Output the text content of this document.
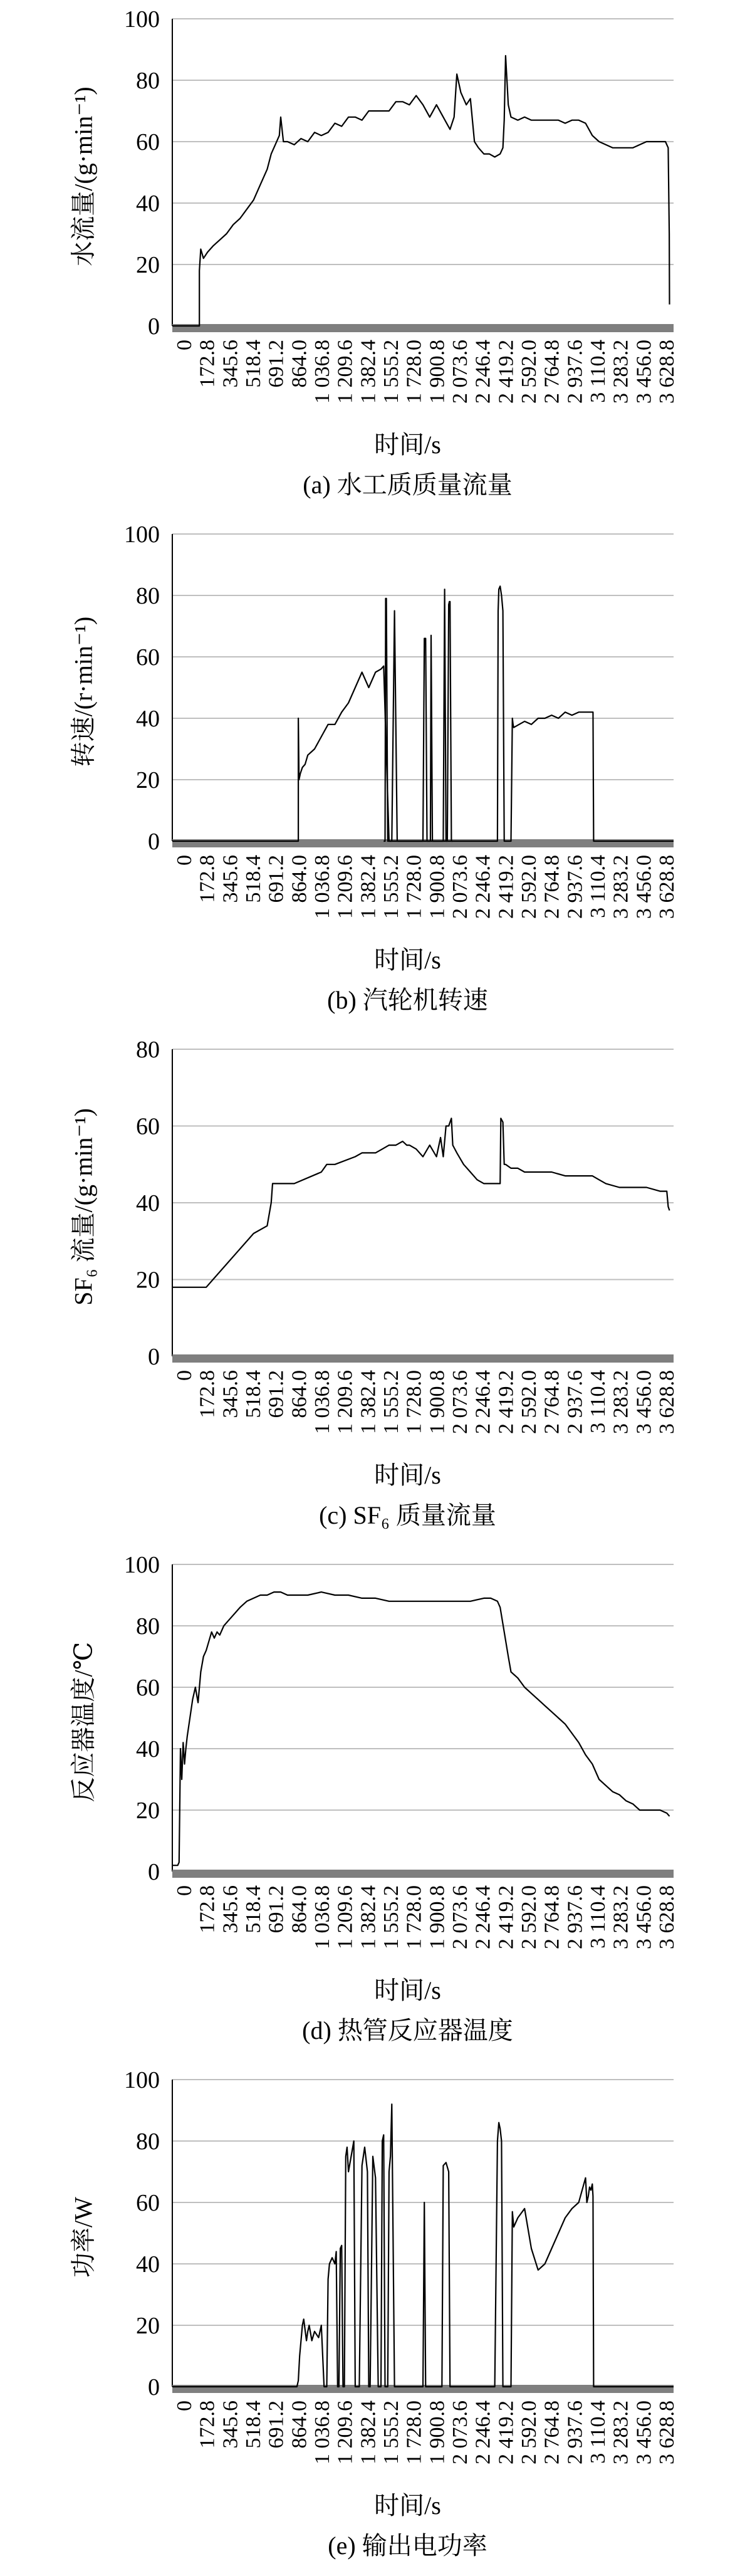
0
20
40
60
80
100
0 172.8 345.6 518.4 691.2 864.0 1 036.8 1 209.6 1 382.4 1 555.2 1 728.0 1 900.8 2 073.6 2 246.4 2 419.2 2 592.0 2 764.8 2 937.6 3 110.4 3 283.2 3 456.0 3 628.8
水流量/(g·min⁻¹)
时间/s
(a) 水工质质量流量
0
20
40
60
80
100
0 172.8 345.6 518.4 691.2 864.0 1 036.8 1 209.6 1 382.4 1 555.2 1 728.0 1 900.8 2 073.6 2 246.4 2 419.2 2 592.0 2 764.8 2 937.6 3 110.4 3 283.2 3 456.0 3 628.8
转速/(r·min⁻¹)
时间/s
(b) 汽轮机转速
0
20
40
60
80
0 172.8 345.6 518.4 691.2 864.0 1 036.8 1 209.6 1 382.4 1 555.2 1 728.0 1 900.8 2 073.6 2 246.4 2 419.2 2 592.0 2 764.8 2 937.6 3 110.4 3 283.2 3 456.0 3 628.8
SF₆ 流量/(g·min⁻¹)
时间/s
(c) SF₆ 质量流量
0
20
40
60
80
100
0 172.8 345.6 518.4 691.2 864.0 1 036.8 1 209.6 1 382.4 1 555.2 1 728.0 1 900.8 2 073.6 2 246.4 2 419.2 2 592.0 2 764.8 2 937.6 3 110.4 3 283.2 3 456.0 3 628.8
反应器温度/℃
时间/s
(d) 热管反应器温度
0
20
40
60
80
100
0 172.8 345.6 518.4 691.2 864.0 1 036.8 1 209.6 1 382.4 1 555.2 1 728.0 1 900.8 2 073.6 2 246.4 2 419.2 2 592.0 2 764.8 2 937.6 3 110.4 3 283.2 3 456.0 3 628.8
功率/W
时间/s
(e) 输出电功率
